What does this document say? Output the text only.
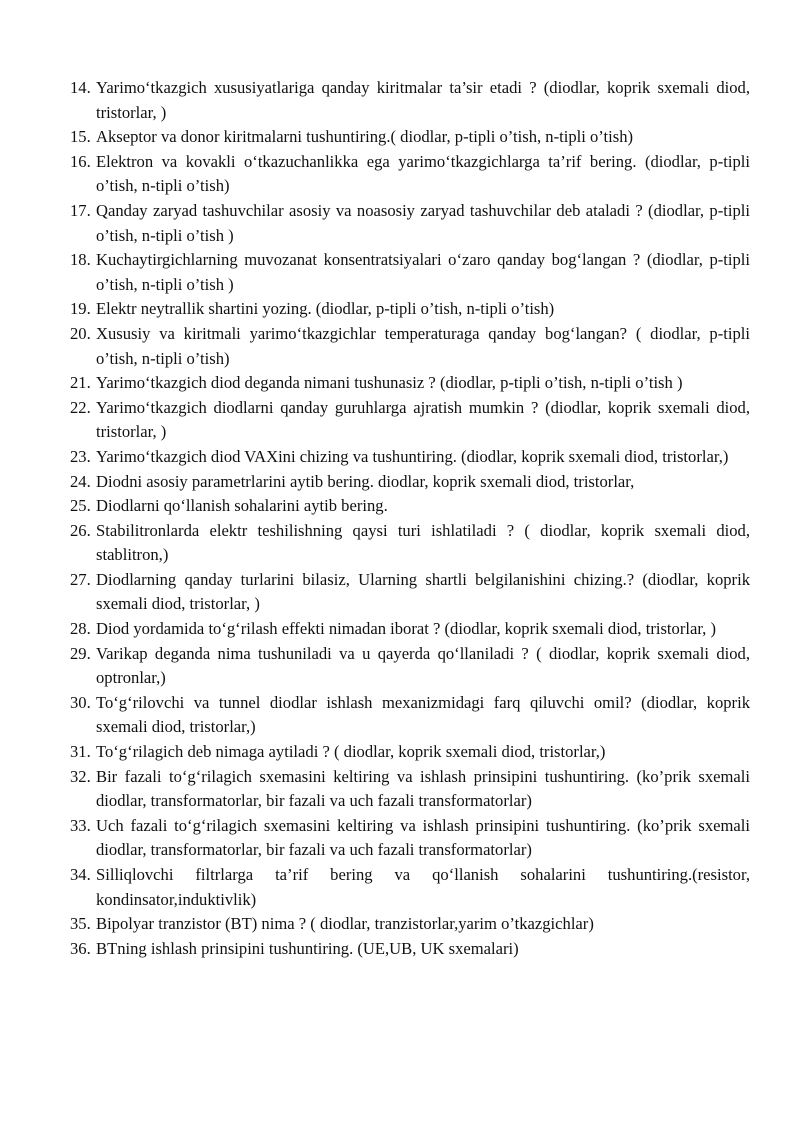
14. Yarimo‘tkazgich xususiyatlariga qanday kiritmalar ta’sir etadi ? (diodlar, koprik sxemali diod, tristorlar, )
15. Akseptor va donor kiritmalarni tushuntiring.( diodlar, p-tipli o’tish, n-tipli o’tish)
16. Elektron va kovakli o‘tkazuchanlikka ega yarimo‘tkazgichlarga ta’rif bering. (diodlar, p-tipli o’tish, n-tipli o’tish)
17. Qanday zaryad tashuvchilar asosiy va noasosiy zaryad tashuvchilar deb ataladi ? (diodlar, p-tipli o’tish, n-tipli o’tish )
18. Kuchaytirgichlarning muvozanat konsentratsiyalari o‘zaro qanday bog‘langan ? (diodlar, p-tipli o’tish, n-tipli o’tish )
19. Elektr neytrallik shartini yozing. (diodlar, p-tipli o’tish, n-tipli o’tish)
20. Xususiy va kiritmali yarimo‘tkazgichlar temperaturaga qanday bog‘langan? ( diodlar, p-tipli o’tish, n-tipli o’tish)
21. Yarimo‘tkazgich diod deganda nimani tushunasiz ? (diodlar, p-tipli o’tish, n-tipli o’tish )
22. Yarimo‘tkazgich diodlarni qanday guruhlarga ajratish mumkin ? (diodlar, koprik sxemali diod, tristorlar, )
23. Yarimo‘tkazgich diod VAXini chizing va tushuntiring. (diodlar, koprik sxemali diod, tristorlar,)
24. Diodni asosiy parametrlarini aytib bering. diodlar, koprik sxemali diod, tristorlar,
25. Diodlarni qo‘llanish sohalarini aytib bering.
26. Stabilitronlarda elektr teshilishning qaysi turi ishlatiladi ? ( diodlar, koprik sxemali diod, stablitron,)
27. Diodlarning qanday turlarini bilasiz, Ularning shartli belgilanishini chizing.? (diodlar, koprik sxemali diod, tristorlar, )
28. Diod yordamida to‘g‘rilash effekti nimadan iborat ? (diodlar, koprik sxemali diod, tristorlar, )
29. Varikap deganda nima tushuniladi va u qayerda qo‘llaniladi ? ( diodlar, koprik sxemali diod, optronlar,)
30. To‘g‘rilovchi va tunnel diodlar ishlash mexanizmidagi farq qiluvchi omil? (diodlar, koprik sxemali diod, tristorlar,)
31. To‘g‘rilagich deb nimaga aytiladi ? ( diodlar, koprik sxemali diod, tristorlar,)
32. Bir fazali to‘g‘rilagich sxemasini keltiring va ishlash prinsipini tushuntiring. (ko’prik sxemali diodlar, transformatorlar, bir fazali va uch fazali transformatorlar)
33. Uch fazali to‘g‘rilagich sxemasini keltiring va ishlash prinsipini tushuntiring. (ko’prik sxemali diodlar, transformatorlar, bir fazali va uch fazali transformatorlar)
34. Silliqlovchi filtrlarga ta’rif bering va qo‘llanish sohalarini tushuntiring.(resistor, kondinsator,induktivlik)
35. Bipolyar tranzistor (BT) nima ? ( diodlar, tranzistorlar,yarim o’tkazgichlar)
36. BTning ishlash prinsipini tushuntiring. (UE,UB, UK sxemalari)
